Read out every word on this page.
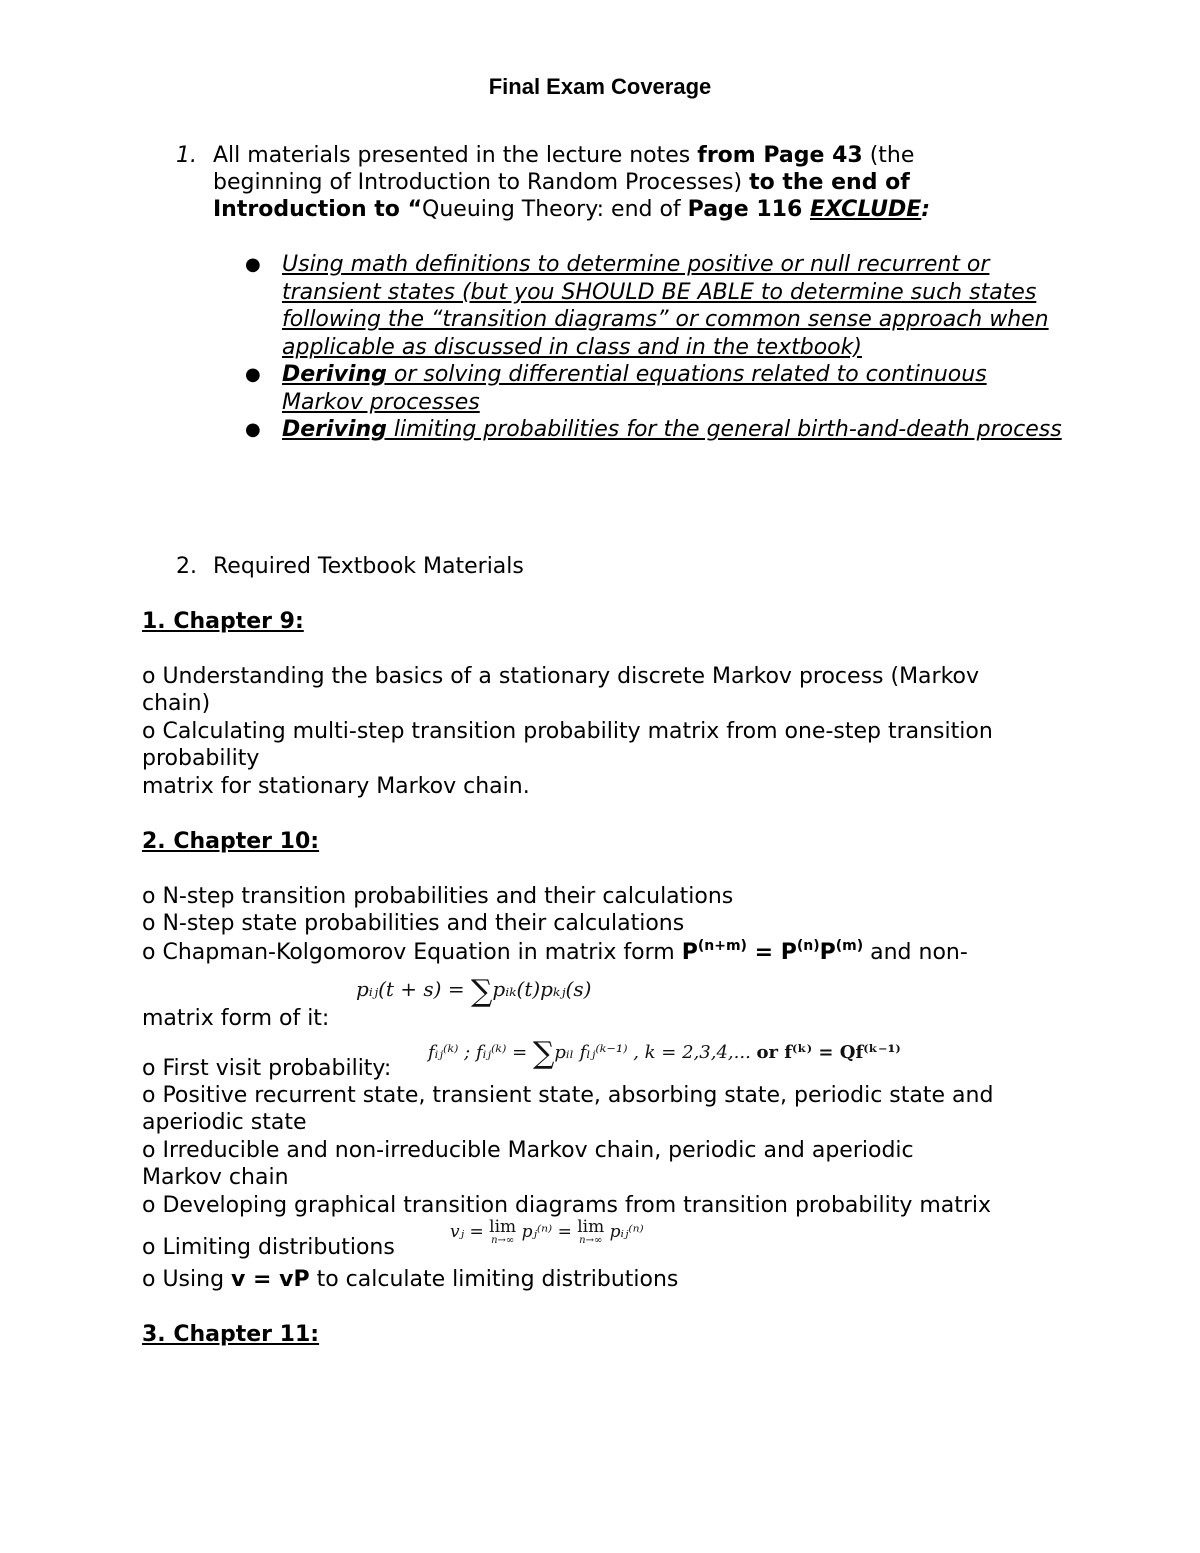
Final Exam Coverage
1. All materials presented in the lecture notes from Page 43 (the beginning of Introduction to Random Processes) to the end of Introduction to “Queuing Theory: end of Page 116 EXCLUDE:
● Using math definitions to determine positive or null recurrent or transient states (but you SHOULD BE ABLE to determine such states following the “transition diagrams” or common sense approach when applicable as discussed in class and in the textbook)
● Deriving or solving differential equations related to continuous Markov processes
● Deriving limiting probabilities for the general birth-and-death process
2. Required Textbook Materials
1. Chapter 9:
o Understanding the basics of a stationary discrete Markov process (Markov
chain)
o Calculating multi-step transition probability matrix from one-step transition
probability
matrix for stationary Markov chain.
2. Chapter 10:
o N-step transition probabilities and their calculations
o N-step state probabilities and their calculations
o Chapman-Kolgomorov Equation in matrix form $P^{(n+m)} = P^{(n)}P^{(m)}$ and non-
pᵢⱼ(t + s) = ∑pᵢₖ(t)pₖⱼ(s)
matrix form of it:
fᵢⱼ⁽ᵏ⁾ ; fᵢⱼ⁽ᵏ⁾ = ∑pᵢₗ fₗⱼ⁽ᵏ⁻¹⁾ , k = 2,3,4,... or f⁽ᵏ⁾ = Qf⁽ᵏ⁻¹⁾
o First visit probability:
o Positive recurrent state, transient state, absorbing state, periodic state and
aperiodic state
o Irreducible and non-irreducible Markov chain, periodic and aperiodic
Markov chain
o Developing graphical transition diagrams from transition probability matrix
vⱼ = lim
n→∞ pⱼ⁽ⁿ⁾ = lim
n→∞ pᵢⱼ⁽ⁿ⁾
o Limiting distributions
o Using v = vP to calculate limiting distributions
3. Chapter 11:
